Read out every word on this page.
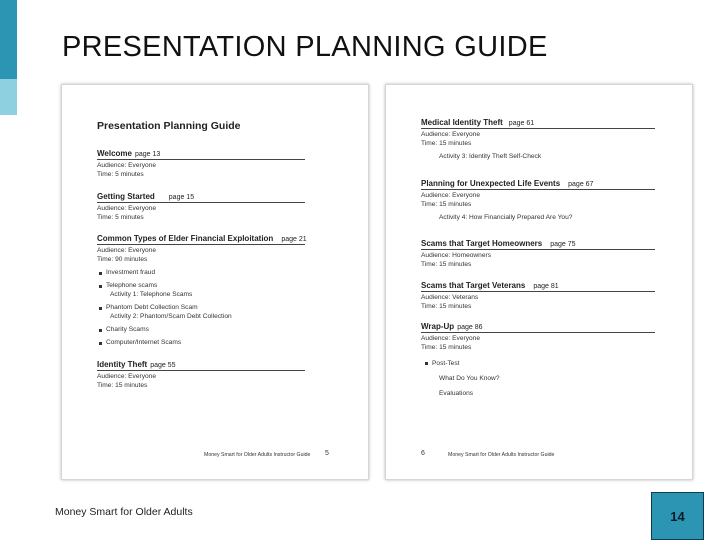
PRESENTATION PLANNING GUIDE
Presentation Planning Guide
Welcome page 13
Audience: Everyone
Time: 5 minutes
Getting Started page 15
Audience: Everyone
Time: 5 minutes
Common Types of Elder Financial Exploitation page 21
Audience: Everyone
Time: 90 minutes
Investment fraud
Telephone scams
Activity 1: Telephone Scams
Phantom Debt Collection Scam
Activity 2: Phantom/Scam Debt Collection
Charity Scams
Computer/Internet Scams
Identity Theft page 55
Audience: Everyone
Time: 15 minutes
Money Smart for Older Adults Instructor Guide 5
Medical Identity Theft page 61
Audience: Everyone
Time: 15 minutes
Activity 3: Identity Theft Self-Check
Planning for Unexpected Life Events page 67
Audience: Everyone
Time: 15 minutes
Activity 4: How Financially Prepared Are You?
Scams that Target Homeowners page 75
Audience: Homeowners
Time: 15 minutes
Scams that Target Veterans page 81
Audience: Veterans
Time: 15 minutes
Wrap-Up page 86
Audience: Everyone
Time: 15 minutes
Post-Test
What Do You Know?
Evaluations
6	Money Smart for Older Adults Instructor Guide
Money Smart for Older Adults	14
